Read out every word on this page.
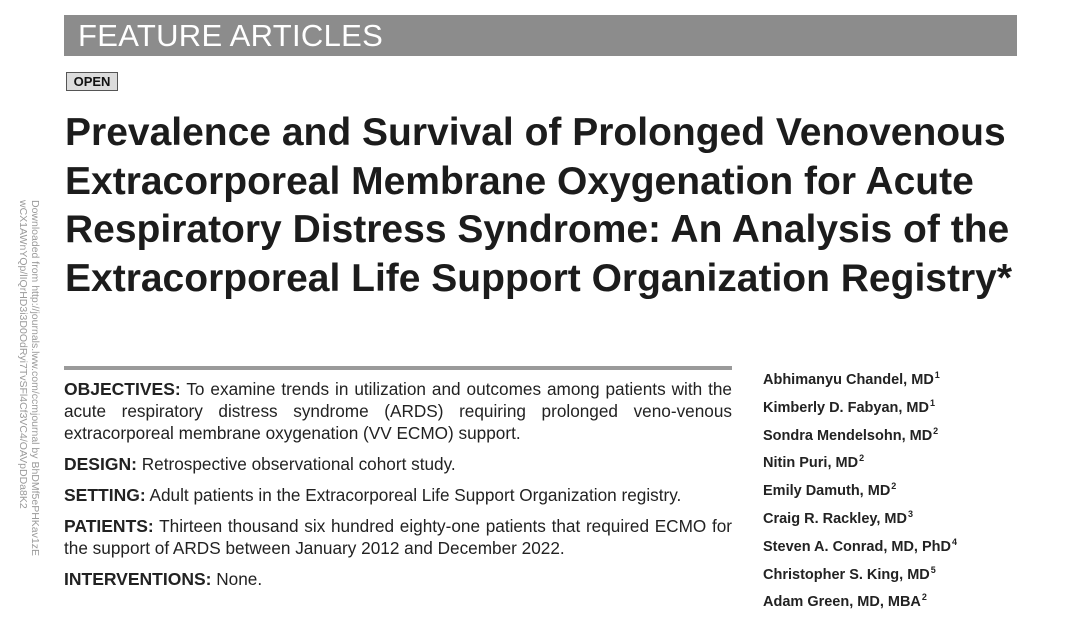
FEATURE ARTICLES
OPEN
Prevalence and Survival of Prolonged Venovenous Extracorporeal Membrane Oxygenation for Acute Respiratory Distress Syndrome: An Analysis of the Extracorporeal Life Support Organization Registry*

OBJECTIVES: To examine trends in utilization and outcomes among patients with the acute respiratory distress syndrome (ARDS) requiring prolonged veno-venous extracorporeal membrane oxygenation (VV ECMO) support.

DESIGN: Retrospective observational cohort study.

SETTING: Adult patients in the Extracorporeal Life Support Organization registry.

PATIENTS: Thirteen thousand six hundred eighty-one patients that required ECMO for the support of ARDS between January 2012 and December 2022.

INTERVENTIONS: None.

Abhimanyu Chandel, $MD^1$
Kimberly D. Fabyan, $MD^1$
Sondra Mendelsohn, $MD^2$
Nitin Puri, $MD^2$
Emily Damuth, $MD^2$
Craig R. Rackley, $MD^3$
Steven A. Conrad, MD, PhD$^4$
Christopher S. King, $MD^5$
Adam Green, MD, MBA$^2$
Downloaded from http://journals.lww.com/ccmjournal by BhDMf5ePHKav1zE
wCX1AWnYQp/lIQrHD3i3D0OdRyi7TvSFl4Cf3VC4/OAVpDDa8K2
